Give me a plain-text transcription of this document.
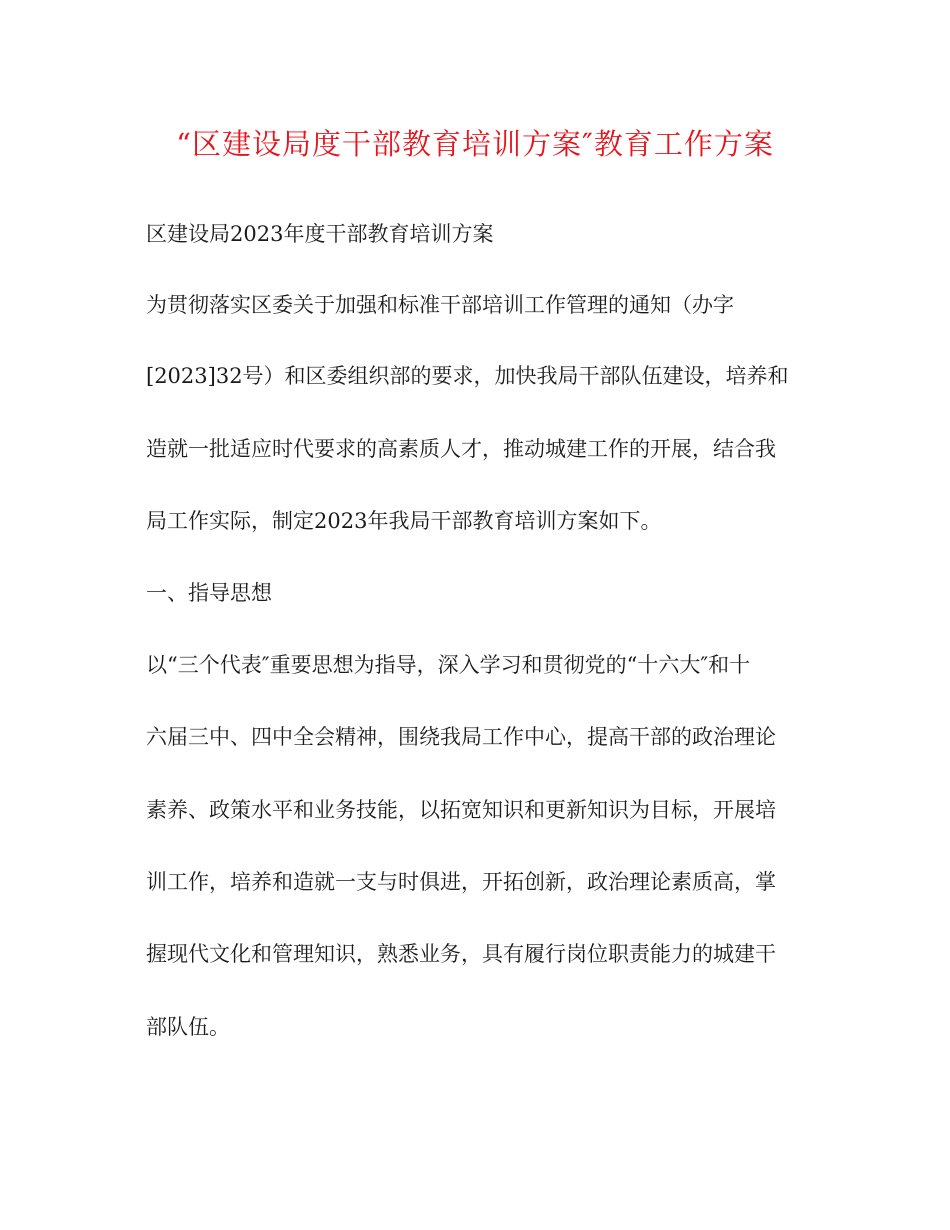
“区建设局度干部教育培训方案″教育工作方案
区建设局2023年度干部教育培训方案
为贯彻落实区委关于加强和标准干部培训工作管理的通知（办字
[2023]32号）和区委组织部的要求，加快我局干部队伍建设，培养和
造就一批适应时代要求的高素质人才，推动城建工作的开展，结合我
局工作实际，制定2023年我局干部教育培训方案如下。
一、指导思想
以“三个代表″重要思想为指导，深入学习和贯彻党的“十六大″和十
六届三中、四中全会精神，围绕我局工作中心，提高干部的政治理论
素养、政策水平和业务技能，以拓宽知识和更新知识为目标，开展培
训工作，培养和造就一支与时俱进，开拓创新，政治理论素质高，掌
握现代文化和管理知识，熟悉业务，具有履行岗位职责能力的城建干
部队伍。
